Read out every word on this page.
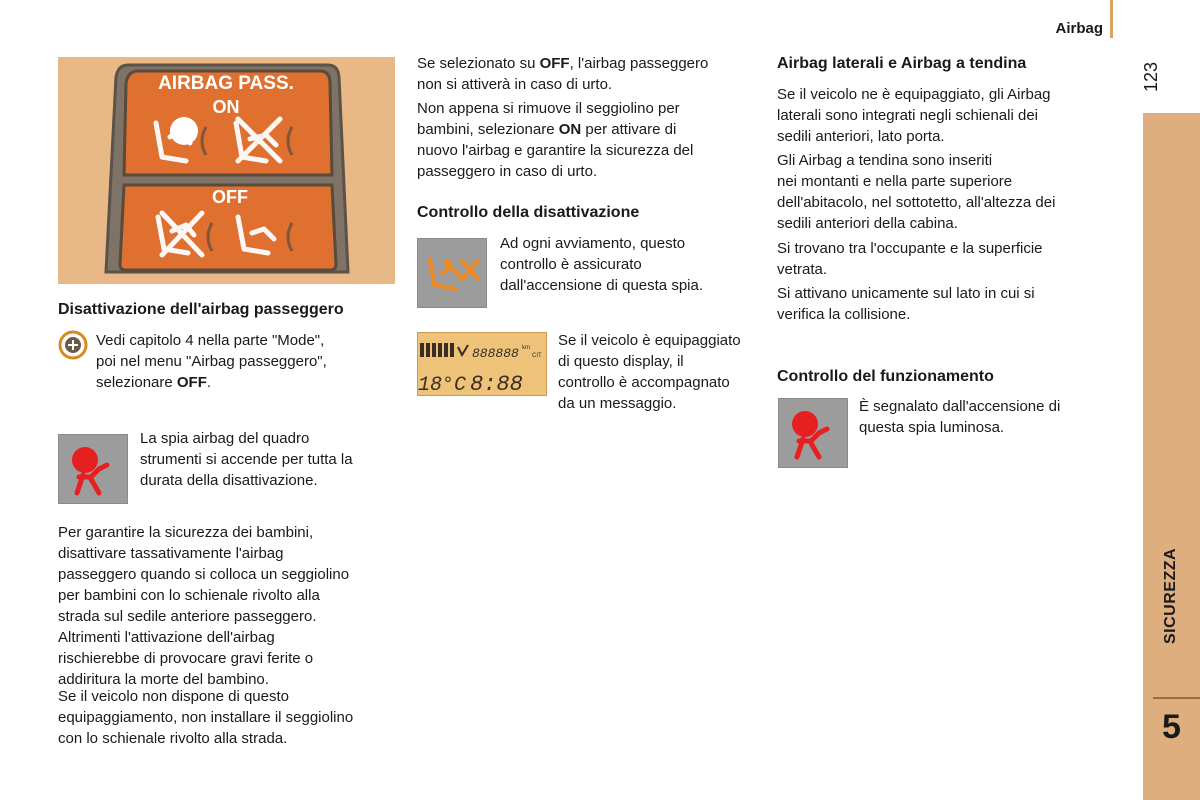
Airbag
123
SICUREZZA
5
AIRBAG PASS.
ON
OFF
Disattivazione dell'airbag passeggero
Vedi capitolo 4 nella parte "Mode",
poi nel menu "Airbag passeggero",
selezionare OFF.
La spia airbag del quadro
strumenti si accende per tutta la
durata della disattivazione.
Per garantire la sicurezza dei bambini,
disattivare tassativamente l'airbag
passeggero quando si colloca un seggiolino
per bambini con lo schienale rivolto alla
strada sul sedile anteriore passeggero.
Altrimenti l'attivazione dell'airbag
rischierebbe di provocare gravi ferite o
addiritura la morte del bambino.
Se il veicolo non dispone di questo
equipaggiamento, non installare il seggiolino
con lo schienale rivolto alla strada.
Se selezionato su OFF, l'airbag passeggero
non si attiverà in caso di urto.
Non appena si rimuove il seggiolino per
bambini, selezionare ON per attivare di
nuovo l'airbag e garantire la sicurezza del
passeggero in caso di urto.
Controllo della disattivazione
Ad ogni avviamento, questo
controllo è assicurato
dall'accensione di questa spia.
888888 km
CIT
18°C 8:88
Se il veicolo è equipaggiato
di questo display, il
controllo è accompagnato
da un messaggio.
Airbag laterali e Airbag a tendina
Se il veicolo ne è equipaggiato, gli Airbag
laterali sono integrati negli schienali dei
sedili anteriori, lato porta.
Gli Airbag a tendina sono inseriti
nei montanti e nella parte superiore
dell'abitacolo, nel sottotetto, all'altezza dei
sedili anteriori della cabina.
Si trovano tra l'occupante e la superficie
vetrata.
Si attivano unicamente sul lato in cui si
verifica la collisione.
Controllo del funzionamento
È segnalato dall'accensione di
questa spia luminosa.
